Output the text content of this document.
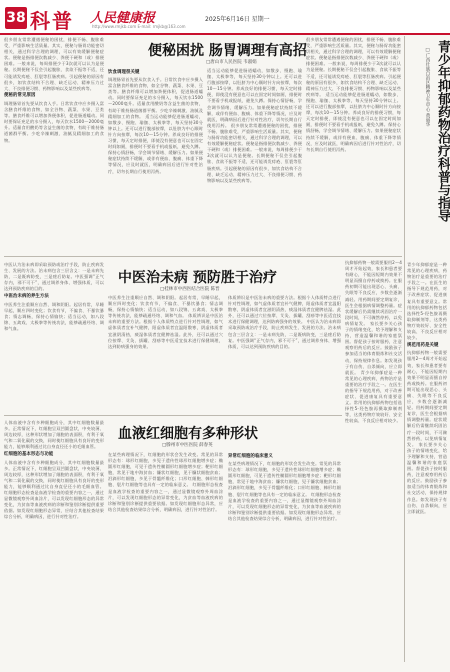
38 科普 人民健康报
http://www.rmjkb.com E-mail: rmjkb@163.com
2025年6月16日 星期一
便秘困扰 肠胃调理有高招
□唐山市人民医院 韦淑娟
很多朋友常常遭遇便秘的困扰，排便不畅、腹胀难受，严重影响生活质量。其实，便秘与肠胃功能密切相关，通过科学合理的调理，可以有效缓解便秘症状。便秘是指排便次数减少、粪便干硬和（或）排便困难。一般来说，每周排便少于3次就可以认为是便秘。长期便秘不仅会引起腹胀、食欲不振等不适，还可能诱发痔疮、肛裂等肛肠疾病。引起便秘的原因有很多，如饮食结构不合理、缺乏运动、精神压力过大、不良排便习惯、药物影响以及某些疾病等。
便秘的常见原因
调理肠胃首先要从饮食入手。日常饮食中应多摄入富含膳食纤维的食物，如全谷物、蔬菜、水果、豆类等。膳食纤维可以增加粪便体积，促进肠道蠕动。同时要保证充足的水分摄入，每天饮水1500～2000毫升。适量食用酸奶等含益生菌的食物，有助于维持肠道菌群平衡。少吃辛辣刺激、油腻及精细加工的食物。
饮食调理很关键
调理肠胃首先要从饮食入手。日常饮食中应多摄入富含膳食纤维的食物，如全谷物、蔬菜、水果、豆类等。膳食纤维可以增加粪便体积，促进肠道蠕动。同时要保证充足的水分摄入，每天饮水1500～2000毫升。适量食用酸奶等含益生菌的食物，有助于维持肠道菌群平衡。少吃辛辣刺激、油腻及精细加工的食物。 适当运动能够促进肠道蠕动，如散步、慢跑、瑜伽、太极拳等，每天坚持30分钟以上。还可以进行腹部按摩，以肚脐为中心顺时针方向按摩，每次10～15分钟。养成良好的排便习惯，每天定时排便，即使没有便意也可以在固定时间如厕，排便时不要看手机或报纸，避免久蹲。保持心情舒畅，学会调节情绪、缓解压力。如果便秘症状持续不缓解，或伴有便血、腹痛、体重下降等情况，应及时就医，明确病因后进行针对性治疗，切勿长期自行使用泻药。
适当运动能够促进肠道蠕动，如散步、慢跑、瑜伽、太极拳等，每天坚持30分钟以上。还可以进行腹部按摩，以肚脐为中心顺时针方向按摩，每次10～15分钟。养成良好的排便习惯，每天定时排便，即使没有便意也可以在固定时间如厕，排便时不要看手机或报纸，避免久蹲。保持心情舒畅，学会调节情绪、缓解压力。如果便秘症状持续不缓解，或伴有便血、腹痛、体重下降等情况，应及时就医，明确病因后进行针对性治疗，切勿长期自行使用泻药。 很多朋友常常遭遇便秘的困扰，排便不畅、腹胀难受，严重影响生活质量。其实，便秘与肠胃功能密切相关，通过科学合理的调理，可以有效缓解便秘症状。便秘是指排便次数减少、粪便干硬和（或）排便困难。一般来说，每周排便少于3次就可以认为是便秘。长期便秘不仅会引起腹胀、食欲不振等不适，还可能诱发痔疮、肛裂等肛肠疾病。引起便秘的原因有很多，如饮食结构不合理、缺乏运动、精神压力过大、不良排便习惯、药物影响以及某些疾病等。
很多朋友常常遭遇便秘的困扰，排便不畅、腹胀难受，严重影响生活质量。其实，便秘与肠胃功能密切相关，通过科学合理的调理，可以有效缓解便秘症状。便秘是指排便次数减少、粪便干硬和（或）排便困难。一般来说，每周排便少于3次就可以认为是便秘。长期便秘不仅会引起腹胀、食欲不振等不适，还可能诱发痔疮、肛裂等肛肠疾病。引起便秘的原因有很多，如饮食结构不合理、缺乏运动、精神压力过大、不良排便习惯、药物影响以及某些疾病等。 适当运动能够促进肠道蠕动，如散步、慢跑、瑜伽、太极拳等，每天坚持30分钟以上。还可以进行腹部按摩，以肚脐为中心顺时针方向按摩，每次10～15分钟。养成良好的排便习惯，每天定时排便，即使没有便意也可以在固定时间如厕，排便时不要看手机或报纸，避免久蹲。保持心情舒畅，学会调节情绪、缓解压力。如果便秘症状持续不缓解，或伴有便血、腹痛、体重下降等情况，应及时就医，明确病因后进行针对性治疗，切勿长期自行使用泻药。	青少年抑郁药物治疗科普与指导
□广西壮族自治区精神卫生中心 黄丽华
青少年抑郁症是一种常见的心理疾病，药物治疗是重要的治疗手段之一。在医生的指导下规范用药，对于改善症状、促进康复具有重要意义。常用的抗抑郁药物包括选择性5-羟色胺再摄取抑制剂等，这类药物疗效较好、安全性较高、不良反应相对较少。
规范用药是关键
抗抑郁药物一般需要服用2～4周才开始起效，家长和患者要有耐心，不能因短期内效果不明显而擅自停药或换药。在服药初期可能出现恶心、头痛、失眠等不良反应，多数会逐渐减轻。用药期间要定期复诊，医生会根据病情调整药量。症状缓解后仍需继续巩固治疗一段时间，不可骤然停药，以免病情复发。 家长要多关心孩子的情绪变化，给予理解和支持，营造温馨和谐的家庭氛围。督促孩子按时服药，注意观察用药后的反应。鼓励孩子参加适当的体育锻炼和社交活动，保持规律作息。如发现孩子有自伤、自杀倾向，应立即就医。
抗抑郁药物一般需要服用2～4周才开始起效，家长和患者要有耐心，不能因短期内效果不明显而擅自停药或换药。在服药初期可能出现恶心、头痛、失眠等不良反应，多数会逐渐减轻。用药期间要定期复诊，医生会根据病情调整药量。症状缓解后仍需继续巩固治疗一段时间，不可骤然停药，以免病情复发。 家长要多关心孩子的情绪变化，给予理解和支持，营造温馨和谐的家庭氛围。督促孩子按时服药，注意观察用药后的反应。鼓励孩子参加适当的体育锻炼和社交活动，保持规律作息。如发现孩子有自伤、自杀倾向，应立即就医。 青少年抑郁症是一种常见的心理疾病，药物治疗是重要的治疗手段之一。在医生的指导下规范用药，对于改善症状、促进康复具有重要意义。常用的抗抑郁药物包括选择性5-羟色胺再摄取抑制剂等，这类药物疗效较好、安全性较高、不良反应相对较少。
中医治未病 预防胜于治疗
□桂林市中西医结合医院 陈晋
中医认为治未病即采取预防或治疗手段，防止疾病发生、发展的方法。治未病包含三层含义：一是未病先防，二是既病防变，三是瘥后防复。中医强调“正气存内，邪不可干”，通过调养身体、增强体质，可以达到预防疾病的目的。
中医治未病的养生方法
中医养生注重顺应自然、调和阴阳。起居有常，早睡早起，顺应四时变化；饮食有节，不偏食、不暴饮暴食；情志调畅，保持心情愉快；适当运动，如八段锦、五禽戏、太极拳等传统功法，能够疏通经络、调和气血。
中医养生注重顺应自然、调和阴阳。起居有常，早睡早起，顺应四时变化；饮食有节，不偏食、不暴饮暴食；情志调畅，保持心情愉快；适当运动，如八段锦、五禽戏、太极拳等传统功法，能够疏通经络、调和气血。 体质辨识是中医治未病的重要方法。根据个人体质特点进行针对性调理，如气虚体质者宜补气健脾，阳虚体质者宜温阳散寒，阴虚体质者宜滋阴清热，痰湿体质者宜健脾祛湿。此外，还可以通过穴位按摩、艾灸、拔罐、刮痧等中医适宜技术进行保健调理，达到防病强身的效果。
体质辨识是中医治未病的重要方法。根据个人体质特点进行针对性调理，如气虚体质者宜补气健脾，阳虚体质者宜温阳散寒，阴虚体质者宜滋阴清热，痰湿体质者宜健脾祛湿。此外，还可以通过穴位按摩、艾灸、拔罐、刮痧等中医适宜技术进行保健调理，达到防病强身的效果。 中医认为治未病即采取预防或治疗手段，防止疾病发生、发展的方法。治未病包含三层含义：一是未病先防，二是既病防变，三是瘥后防复。中医强调“正气存内，邪不可干”，通过调养身体、增强体质，可以达到预防疾病的目的。
血液红细胞有多种形状
□滕州市中医医院 薛春英
人体血液中含有多种细胞成分，其中红细胞数量最多。正常情况下，红细胞呈双凹圆盘状，中央较薄、周边较厚，这种形状增加了细胞的表面积，有利于氧气和二氧化碳的交换，同时使红细胞具有良好的变形能力，能够顺利通过比自身直径还小的毛细血管。
红细胞的基本形态与功能
人体血液中含有多种细胞成分，其中红细胞数量最多。正常情况下，红细胞呈双凹圆盘状，中央较薄、周边较厚，这种形状增加了细胞的表面积，有利于氧气和二氧化碳的交换，同时使红细胞具有良好的变形能力，能够顺利通过比自身直径还小的毛细血管。 红细胞形态检查是血液学检查的重要内容之一，通过显微镜观察外周血涂片，可以发现红细胞形态的异常变化，为贫血等血液疾病的诊断和鉴别诊断提供重要依据。如发现红细胞形态异常，应结合其他检查结果综合分析，明确病因，进行针对性治疗。
在某些病理情况下，红细胞的形状会发生改变。常见的异常形态有：球形红细胞，多见于遗传性球形红细胞增多症；椭圆形红细胞，可见于遗传性椭圆形红细胞增多症；靶形红细胞，常见于地中海贫血；镰状红细胞，见于镰状细胞贫血；泪滴形红细胞，多见于骨髓纤维化；口形红细胞、棘形红细胞、裂片红细胞等也具有一定的临床意义。 红细胞形态检查是血液学检查的重要内容之一，通过显微镜观察外周血涂片，可以发现红细胞形态的异常变化，为贫血等血液疾病的诊断和鉴别诊断提供重要依据。如发现红细胞形态异常，应结合其他检查结果综合分析，明确病因，进行针对性治疗。
异常红细胞的临床意义
在某些病理情况下，红细胞的形状会发生改变。常见的异常形态有：球形红细胞，多见于遗传性球形红细胞增多症；椭圆形红细胞，可见于遗传性椭圆形红细胞增多症；靶形红细胞，常见于地中海贫血；镰状红细胞，见于镰状细胞贫血；泪滴形红细胞，多见于骨髓纤维化；口形红细胞、棘形红细胞、裂片红细胞等也具有一定的临床意义。 红细胞形态检查是血液学检查的重要内容之一，通过显微镜观察外周血涂片，可以发现红细胞形态的异常变化，为贫血等血液疾病的诊断和鉴别诊断提供重要依据。如发现红细胞形态异常，应结合其他检查结果综合分析，明确病因，进行针对性治疗。
